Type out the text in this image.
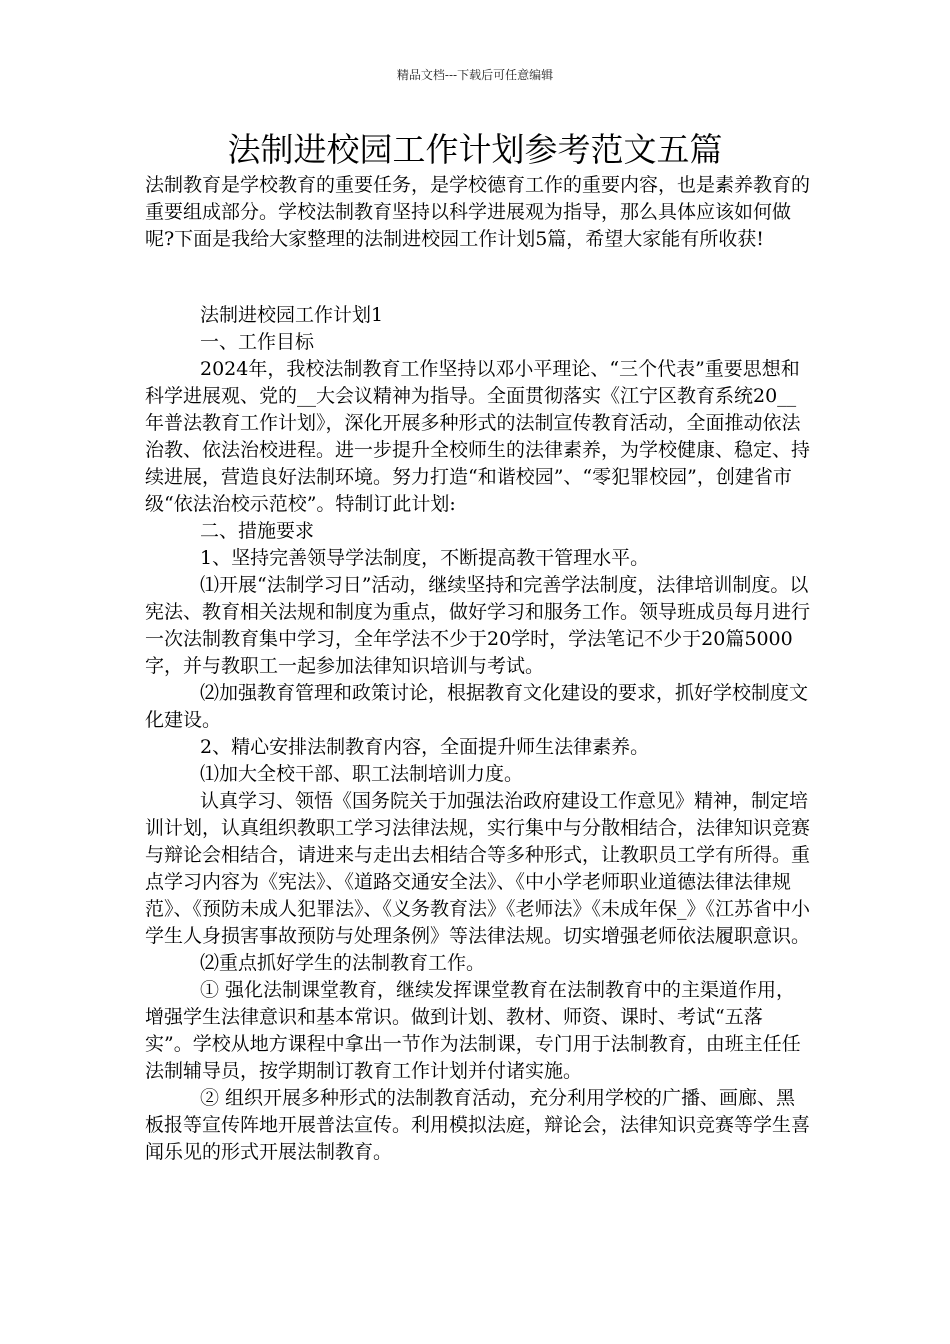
精品文档---下载后可任意编辑
法制进校园工作计划参考范文五篇

法制教育是学校教育的重要任务，是学校德育工作的重要内容，也是素养教育的重要组成部分。学校法制教育坚持以科学进展观为指导，那么具体应该如何做呢?下面是我给大家整理的法制进校园工作计划5篇，希望大家能有所收获!

法制进校园工作计划1

一、工作目标

2024年，我校法制教育工作坚持以邓小平理论、“三个代表”重要思想和科学进展观、党的__大会议精神为指导。全面贯彻落实《江宁区教育系统20__年普法教育工作计划》，深化开展多种形式的法制宣传教育活动，全面推动依法治教、依法治校进程。进一步提升全校师生的法律素养，为学校健康、稳定、持续进展，营造良好法制环境。努力打造“和谐校园”、“零犯罪校园”，创建省市级“依法治校示范校”。特制订此计划:

二、措施要求

1、坚持完善领导学法制度，不断提高教干管理水平。

⑴开展“法制学习日”活动，继续坚持和完善学法制度，法律培训制度。以宪法、教育相关法规和制度为重点，做好学习和服务工作。领导班成员每月进行一次法制教育集中学习，全年学法不少于20学时，学法笔记不少于20篇5000字，并与教职工一起参加法律知识培训与考试。

⑵加强教育管理和政策讨论，根据教育文化建设的要求，抓好学校制度文化建设。

2、精心安排法制教育内容，全面提升师生法律素养。

⑴加大全校干部、职工法制培训力度。

认真学习、领悟《国务院关于加强法治政府建设工作意见》精神，制定培训计划，认真组织教职工学习法律法规，实行集中与分散相结合，法律知识竞赛与辩论会相结合，请进来与走出去相结合等多种形式，让教职员工学有所得。重点学习内容为《宪法》、《道路交通安全法》、《中小学老师职业道德法律法律规范》、《预防未成人犯罪法》、《义务教育法》《老师法》《未成年保_》《江苏省中小学生人身损害事故预防与处理条例》等法律法规。切实增强老师依法履职意识。

⑵重点抓好学生的法制教育工作。

① 强化法制课堂教育，继续发挥课堂教育在法制教育中的主渠道作用，增强学生法律意识和基本常识。做到计划、教材、师资、课时、考试“五落实”。学校从地方课程中拿出一节作为法制课，专门用于法制教育，由班主任任法制辅导员，按学期制订教育工作计划并付诸实施。

② 组织开展多种形式的法制教育活动，充分利用学校的广播、画廊、黑板报等宣传阵地开展普法宣传。利用模拟法庭，辩论会，法律知识竞赛等学生喜闻乐见的形式开展法制教育。
